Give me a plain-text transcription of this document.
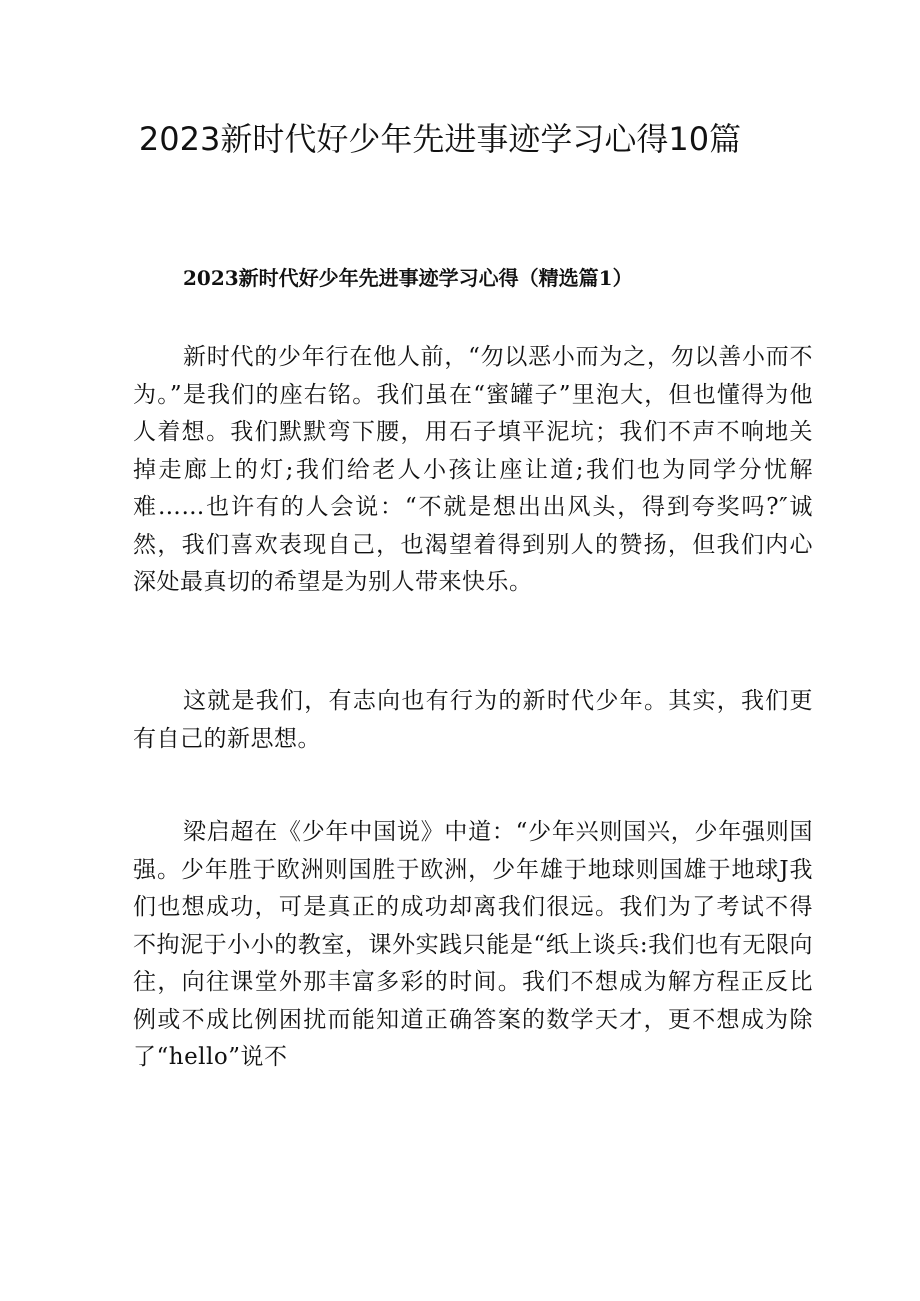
2023新时代好少年先进事迹学习心得10篇
2023新时代好少年先进事迹学习心得（精选篇1）

新时代的少年行在他人前，“勿以恶小而为之，勿以善小而不为。”是我们的座右铭。我们虽在“蜜罐子”里泡大，但也懂得为他人着想。我们默默弯下腰，用石子填平泥坑；我们不声不响地关掉走廊上的灯;我们给老人小孩让座让道;我们也为同学分忧解难……也许有的人会说：“不就是想出出风头，得到夸奖吗?″诚然，我们喜欢表现自己，也渴望着得到别人的赞扬，但我们内心深处最真切的希望是为别人带来快乐。

这就是我们，有志向也有行为的新时代少年。其实，我们更有自己的新思想。

梁启超在《少年中国说》中道：“少年兴则国兴，少年强则国强。少年胜于欧洲则国胜于欧洲，少年雄于地球则国雄于地球J我们也想成功，可是真正的成功却离我们很远。我们为了考试不得不拘泥于小小的教室，课外实践只能是“纸上谈兵:我们也有无限向往，向往课堂外那丰富多彩的时间。我们不想成为解方程正反比例或不成比例困扰而能知道正确答案的数学天才，更不想成为除了“hello”说不
